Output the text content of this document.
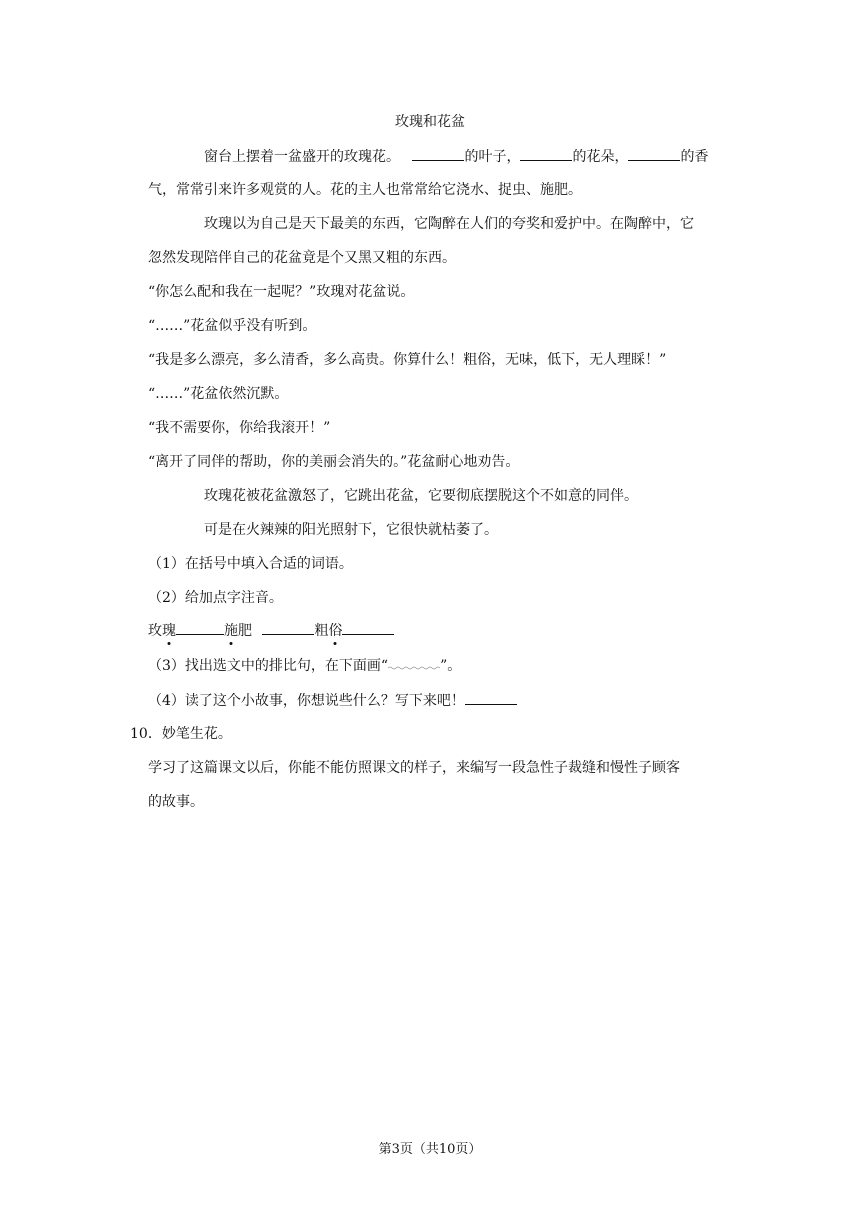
玫瑰和花盆
窗台上摆着一盆盛开的玫瑰花。	的叶子，	的花朵，	的香
气，常常引来许多观赏的人。花的主人也常常给它浇水、捉虫、施肥。
玫瑰以为自己是天下最美的东西，它陶醉在人们的夸奖和爱护中。在陶醉中，它
忽然发现陪伴自己的花盆竟是个又黑又粗的东西。
“你怎么配和我在一起呢？”玫瑰对花盆说。
“……”花盆似乎没有听到。
“我是多么漂亮，多么清香，多么高贵。你算什么！粗俗，无味，低下，无人理睬！”
“……”花盆依然沉默。
“我不需要你，你给我滚开！”
“离开了同伴的帮助，你的美丽会消失的。”花盆耐心地劝告。
玫瑰花被花盆激怒了，它跳出花盆，它要彻底摆脱这个不如意的同伴。
可是在火辣辣的阳光照射下，它很快就枯萎了。
（1）在括号中填入合适的词语。
（2）给加点字注音。
玫瑰	施肥	粗俗
（3）找出选文中的排比句，在下面画“	”。
（4）读了这个小故事，你想说些什么？写下来吧！
10．妙笔生花。
学习了这篇课文以后，你能不能仿照课文的样子，来编写一段急性子裁缝和慢性子顾客
的故事。
第3页（共10页）
